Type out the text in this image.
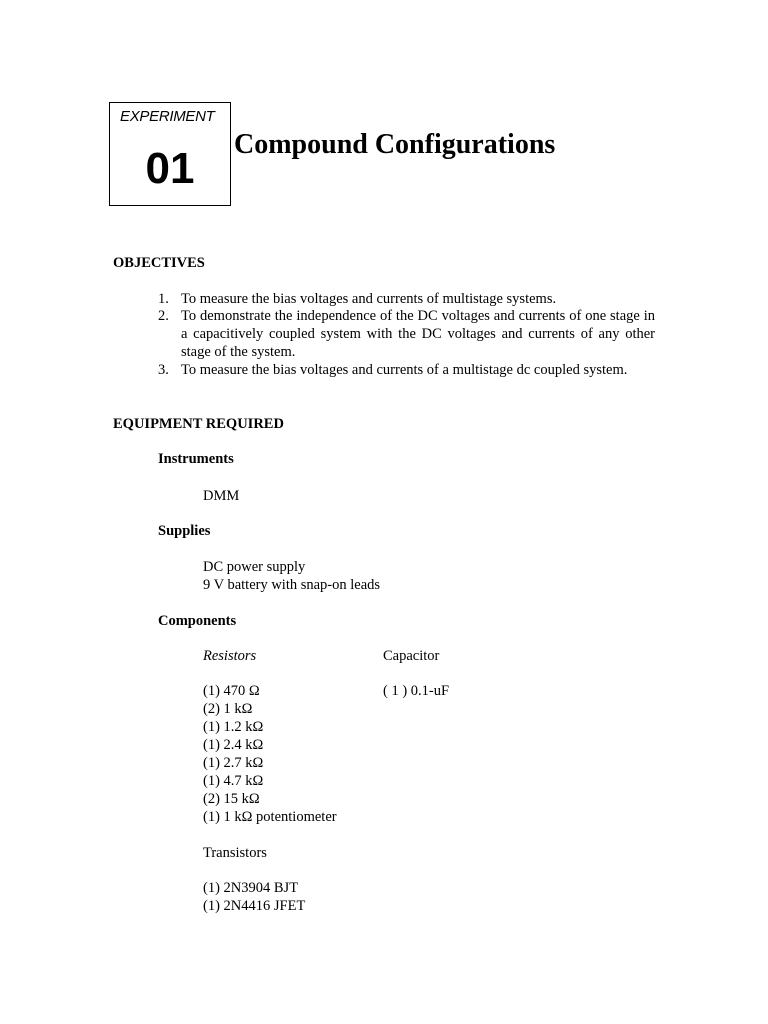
EXPERIMENT
01	Compound Configurations
OBJECTIVES
1. To measure the bias voltages and currents of multistage systems.
2. To demonstrate the independence of the DC voltages and currents of one stage in a capacitively coupled system with the DC voltages and currents of any other stage of the system.
3. To measure the bias voltages and currents of a multistage dc coupled system.
EQUIPMENT REQUIRED
Instruments
DMM
Supplies
DC power supply
9 V battery with snap-on leads
Components
Resistors	Capacitor
(1) 470 Ω
(2) 1 kΩ
(1) 1.2 kΩ
(1) 2.4 kΩ
(1) 2.7 kΩ
(1) 4.7 kΩ
(2) 15 kΩ
(1) 1 kΩ potentiometer
( 1 ) 0.1-uF
Transistors
(1) 2N3904 BJT
(1) 2N4416 JFET
